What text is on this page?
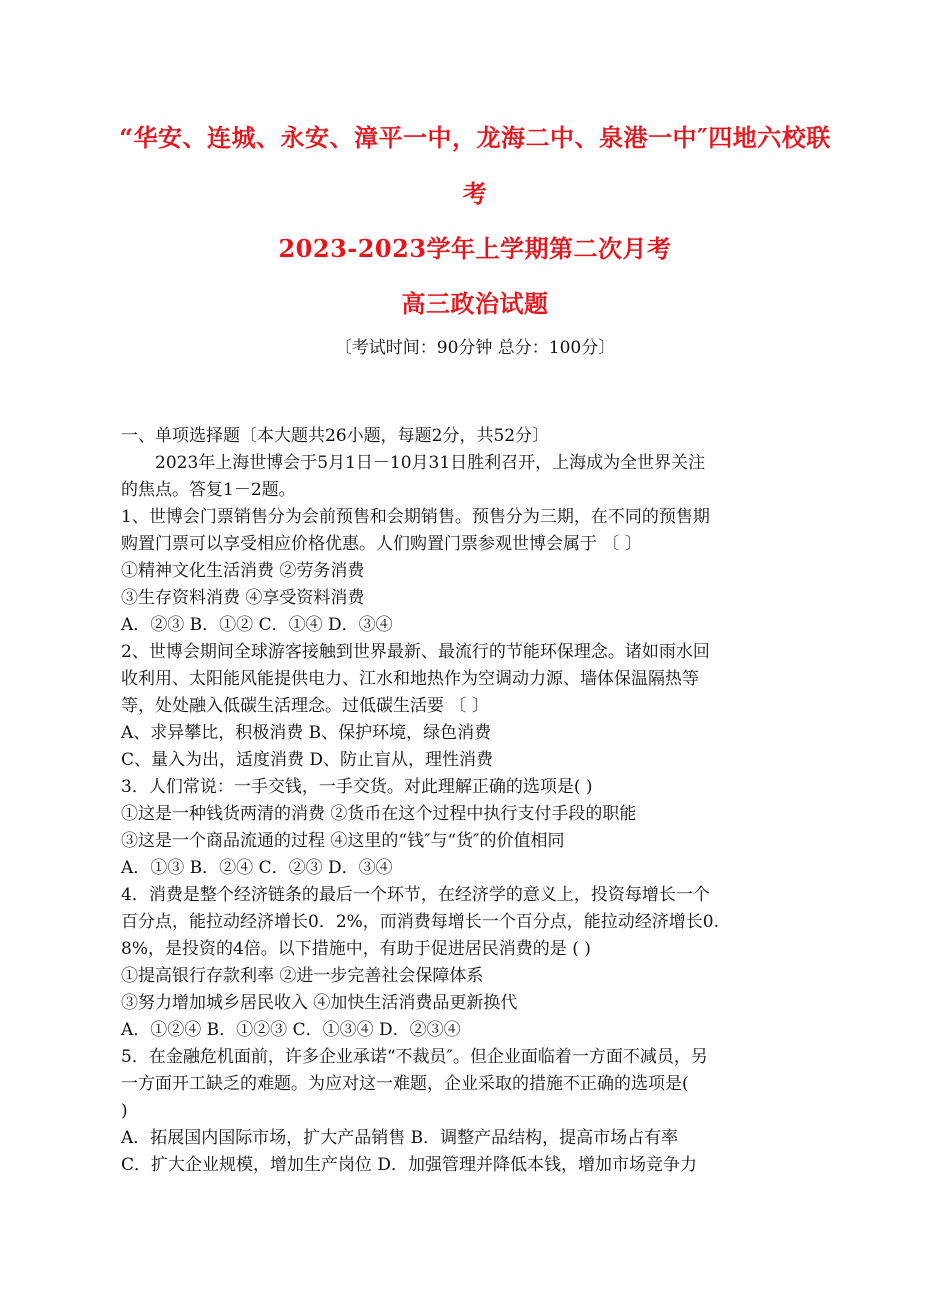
“华安、连城、永安、漳平一中，龙海二中、泉港一中″四地六校联
考
2023-2023学年上学期第二次月考
高三政治试题
〔考试时间：90分钟 总分：100分〕
一、单项选择题〔本大题共26小题，每题2分，共52分〕
2023年上海世博会于5月1日－10月31日胜利召开，上海成为全世界关注
的焦点。答复1－2题。
1、世博会门票销售分为会前预售和会期销售。预售分为三期，在不同的预售期
购置门票可以享受相应价格优惠。人们购置门票参观世博会属于 〔 〕
①精神文化生活消费 ②劳务消费
③生存资料消费 ④享受资料消费
A．②③ B．①② C．①④ D．③④
2、世博会期间全球游客接触到世界最新、最流行的节能环保理念。诸如雨水回
收利用、太阳能风能提供电力、江水和地热作为空调动力源、墙体保温隔热等
等，处处融入低碳生活理念。过低碳生活要 〔 〕
A、求异攀比，积极消费 B、保护环境，绿色消费
C、量入为出，适度消费 D、防止盲从，理性消费
3．人们常说：一手交钱，一手交货。对此理解正确的选项是( )
①这是一种钱货两清的消费 ②货币在这个过程中执行支付手段的职能
③这是一个商品流通的过程 ④这里的“钱″与“货″的价值相同
A．①③ B．②④ C．②③ D．③④
4．消费是整个经济链条的最后一个环节，在经济学的意义上，投资每增长一个
百分点，能拉动经济增长0．2%，而消费每增长一个百分点，能拉动经济增长0.
8%，是投资的4倍。以下措施中，有助于促进居民消费的是 ( )
①提高银行存款利率 ②进一步完善社会保障体系
③努力增加城乡居民收入 ④加快生活消费品更新换代
A．①②④ B．①②③ C．①③④ D．②③④
5．在金融危机面前，许多企业承诺“不裁员″。但企业面临着一方面不减员，另
一方面开工缺乏的难题。为应对这一难题，企业采取的措施不正确的选项是(
)
A．拓展国内国际市场，扩大产品销售 B．调整产品结构，提高市场占有率
C．扩大企业规模，增加生产岗位 D．加强管理并降低本钱，增加市场竞争力
